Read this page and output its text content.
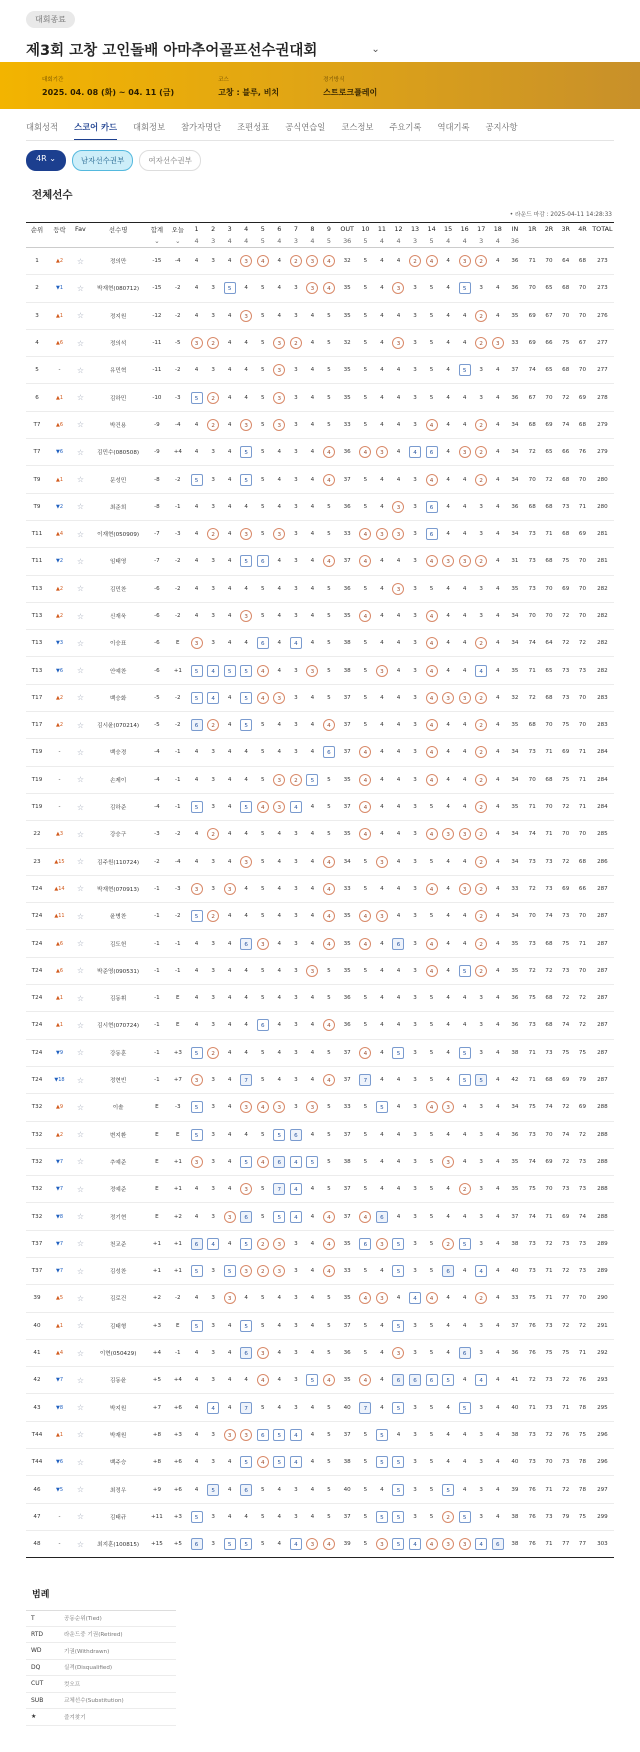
대회종료
제3회 고창 고인돌배 아마추어골프선수권대회	⌄
대회기간
2025. 04. 08 (화) ~ 04. 11 (금)
코스
고창 : 블루, 비치
경기방식
스트로크플레이
대회성적 스코어 카드 대회정보 참가자명단 조편성표 공식연습일 코스정보 주요기록 역대기록 공지사항
4R ⌄	남자선수권부	여자선수권부
전체선수
• 라운드 마감 : 2025-04-11 14:28:33
순위	등락	Fav	선수명	합계	오늘	1	2	3	4	5	6	7	8	9	OUT	10	11	12	13	14	15	16	17	18	IN	1R	2R	3R	4R	TOTAL
				⌄	⌄	4	3	4	4	5	4	3	4	5	36	5	4	4	3	5	4	4	3	4	36					
1	▲2	☆	정의만	-15	-4	4	3	4	3	4	4	2	3	4	32	5	4	4	2	4	4	3	2	4	36	71	70	64	68	273
2	▼1	☆	박재현(080712)	-15	-2	4	3	5	4	5	4	3	3	4	35	5	4	3	3	5	4	5	3	4	36	70	65	68	70	273
3	▲1	☆	정지원	-12	-2	4	3	4	3	5	4	3	4	5	35	5	4	4	3	5	4	4	2	4	35	69	67	70	70	276
4	▲6	☆	정의석	-11	-5	3	2	4	4	5	3	2	4	5	32	5	4	3	3	5	4	4	2	3	33	69	66	75	67	277
5	-	☆	유민혁	-11	-2	4	3	4	4	5	3	3	4	5	35	5	4	4	3	5	4	5	3	4	37	74	65	68	70	277
6	▲1	☆	김하민	-10	-3	5	2	4	4	5	3	3	4	5	35	5	4	4	3	5	4	4	3	4	36	67	70	72	69	278
T7	▲6	☆	박건용	-9	-4	4	2	4	3	5	3	3	4	5	33	5	4	4	3	4	4	4	2	4	34	68	69	74	68	279
T7	▼6	☆	김민수(080508)	-9	+4	4	3	4	5	5	4	3	4	4	36	4	3	4	4	6	4	3	2	4	34	72	65	66	76	279
T9	▲1	☆	문성민	-8	-2	5	3	4	5	5	4	3	4	4	37	5	4	4	3	4	4	4	2	4	34	70	72	68	70	280
T9	▼2	☆	최준희	-8	-1	4	3	4	4	5	4	3	4	5	36	5	4	3	3	6	4	4	3	4	36	68	68	73	71	280
T11	▲4	☆	이재현(050909)	-7	-3	4	2	4	3	5	3	3	4	5	33	4	3	3	3	6	4	4	3	4	34	73	71	68	69	281
T11	▼2	☆	임태영	-7	-2	4	3	4	5	6	4	3	4	4	37	4	4	4	3	4	3	3	2	4	31	73	68	75	70	281
T13	▲2	☆	김민찬	-6	-2	4	3	4	4	5	4	3	4	5	36	5	4	3	3	5	4	4	3	4	35	73	70	69	70	282
T13	▲2	☆	신재욱	-6	-2	4	3	4	3	5	4	3	4	5	35	4	4	4	3	4	4	4	3	4	34	70	70	72	70	282
T13	▼3	☆	이승표	-6	E	3	3	4	4	6	4	4	4	5	38	5	4	4	3	4	4	4	2	4	34	74	64	72	72	282
T13	▼6	☆	안예찬	-6	+1	5	4	5	5	4	4	3	3	5	38	5	3	4	3	4	4	4	4	4	35	71	65	73	73	282
T17	▲2	☆	백승화	-5	-2	5	4	4	5	4	3	3	4	5	37	5	4	4	3	4	3	3	2	4	32	72	68	73	70	283
T17	▲2	☆	김시윤(070214)	-5	-2	6	2	4	5	5	4	3	4	4	37	5	4	4	3	4	4	4	2	4	35	68	70	75	70	283
T19	-	☆	백승경	-4	-1	4	3	4	4	5	4	3	4	6	37	4	4	4	3	4	4	4	2	4	34	73	71	69	71	284
T19	-	☆	손제이	-4	-1	4	3	4	4	5	3	2	5	5	35	4	4	4	3	4	4	4	2	4	34	70	68	75	71	284
T19	-	☆	김하준	-4	-1	5	3	4	5	4	3	4	4	5	37	4	4	4	3	5	4	4	2	4	35	71	70	72	71	284
22	▲3	☆	강승구	-3	-2	4	2	4	4	5	4	3	4	5	35	4	4	4	3	4	3	3	2	4	34	74	71	70	70	285
23	▲15	☆	김주원(110724)	-2	-4	4	3	4	3	5	4	3	4	4	34	5	3	4	3	5	4	4	2	4	34	73	73	72	68	286
T24	▲14	☆	박재현(070913)	-1	-3	3	3	3	4	5	4	3	4	4	33	5	4	4	3	4	4	3	2	4	33	72	73	69	66	287
T24	▲11	☆	윤병찬	-1	-2	5	2	4	4	5	4	3	4	4	35	4	3	4	3	5	4	4	2	4	34	70	74	73	70	287
T24	▲6	☆	김도헌	-1	-1	4	3	4	6	3	4	3	4	4	35	4	4	6	3	4	4	4	2	4	35	73	68	75	71	287
T24	▲6	☆	박준영(090531)	-1	-1	4	3	4	4	5	4	3	3	5	35	5	4	4	3	4	4	5	2	4	35	72	72	73	70	287
T24	▲1	☆	김동휘	-1	E	4	3	4	4	5	4	3	4	5	36	5	4	4	3	5	4	4	3	4	36	75	68	72	72	287
T24	▲1	☆	김시현(070724)	-1	E	4	3	4	4	6	4	3	4	4	36	5	4	4	3	5	4	4	3	4	36	73	68	74	72	287
T24	▼9	☆	강동훈	-1	+3	5	2	4	4	5	4	3	4	5	37	4	4	5	3	5	4	5	3	4	38	71	73	75	75	287
T24	▼18	☆	정현빈	-1	+7	3	3	4	7	5	4	3	4	4	37	7	4	4	3	5	4	5	5	4	42	71	68	69	79	287
T32	▲9	☆	이솔	E	-3	5	3	4	3	4	3	3	3	5	33	5	5	4	3	4	3	4	3	4	34	75	74	72	69	288
T32	▲2	☆	변지환	E	E	5	3	4	4	5	5	6	4	5	37	5	4	4	3	5	4	4	3	4	36	73	70	74	72	288
T32	▼7	☆	추예준	E	+1	3	3	4	5	4	6	4	5	5	38	5	4	4	3	5	3	4	3	4	35	74	69	72	73	288
T32	▼7	☆	정예준	E	+1	4	3	4	3	5	7	4	4	5	37	5	4	4	3	5	4	2	3	4	35	75	70	73	73	288
T32	▼8	☆	정기현	E	+2	4	3	3	6	5	5	4	4	4	37	4	6	4	3	5	4	4	3	4	37	74	71	69	74	288
T37	▼7	☆	천교준	+1	+1	6	4	4	5	2	3	3	4	4	35	6	3	5	3	5	2	5	3	4	38	73	72	73	73	289
T37	▼7	☆	김성찬	+1	+1	5	3	5	3	2	3	3	4	4	33	5	4	5	3	5	6	4	4	4	40	73	71	72	73	289
39	▲5	☆	김로건	+2	-2	4	3	3	4	5	4	3	4	5	35	4	3	4	4	4	4	4	2	4	33	75	71	77	70	290
40	▲1	☆	김태형	+3	E	5	3	4	5	5	4	3	4	5	37	5	4	5	3	5	4	4	3	4	37	76	73	72	72	291
41	▲4	☆	이현(050429)	+4	-1	4	3	4	6	3	4	3	4	5	36	5	4	3	3	5	4	6	3	4	36	76	75	75	71	292
42	▼7	☆	김동윤	+5	+4	4	3	4	4	4	4	3	5	4	35	4	4	6	6	6	5	4	4	4	41	72	73	72	76	293
43	▼8	☆	박지원	+7	+6	4	4	4	7	5	4	3	4	5	40	7	4	5	3	5	4	5	3	4	40	71	73	71	78	295
T44	▲1	☆	박재원	+8	+3	4	3	3	3	6	5	4	4	5	37	5	5	4	3	5	4	4	3	4	38	73	72	76	75	296
T44	▼6	☆	백주승	+8	+6	4	3	4	5	4	5	4	4	5	38	5	5	5	3	5	4	4	3	4	40	73	70	73	78	296
46	▼5	☆	최정우	+9	+6	4	5	4	6	5	4	3	4	5	40	5	4	5	3	5	5	4	3	4	39	76	71	72	78	297
47	-	☆	김태규	+11	+3	5	3	4	4	5	4	3	4	5	37	5	5	5	3	5	2	5	3	4	38	76	73	79	75	299
48	-	☆	최지훈(100815)	+15	+5	6	3	5	5	5	4	4	3	4	39	5	3	5	4	4	3	3	4	6	38	76	71	77	77	303
범례
T	공동순위(Tied)
RTD	라운드중 기권(Retired)
WD	기권(Withdrawn)
DQ	실격(Disqualified)
CUT	컷오프
SUB	교체선수(Substitution)
★	즐겨찾기
